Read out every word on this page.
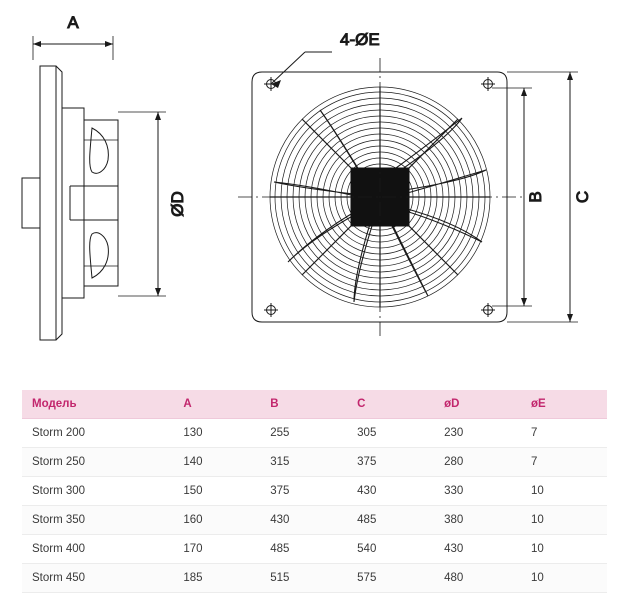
ØD
A
4-ØE
B C
Модель	A	B	C	øD	øE
Storm 200	130	255	305	230	7
Storm 250	140	315	375	280	7
Storm 300	150	375	430	330	10
Storm 350	160	430	485	380	10
Storm 400	170	485	540	430	10
Storm 450	185	515	575	480	10
